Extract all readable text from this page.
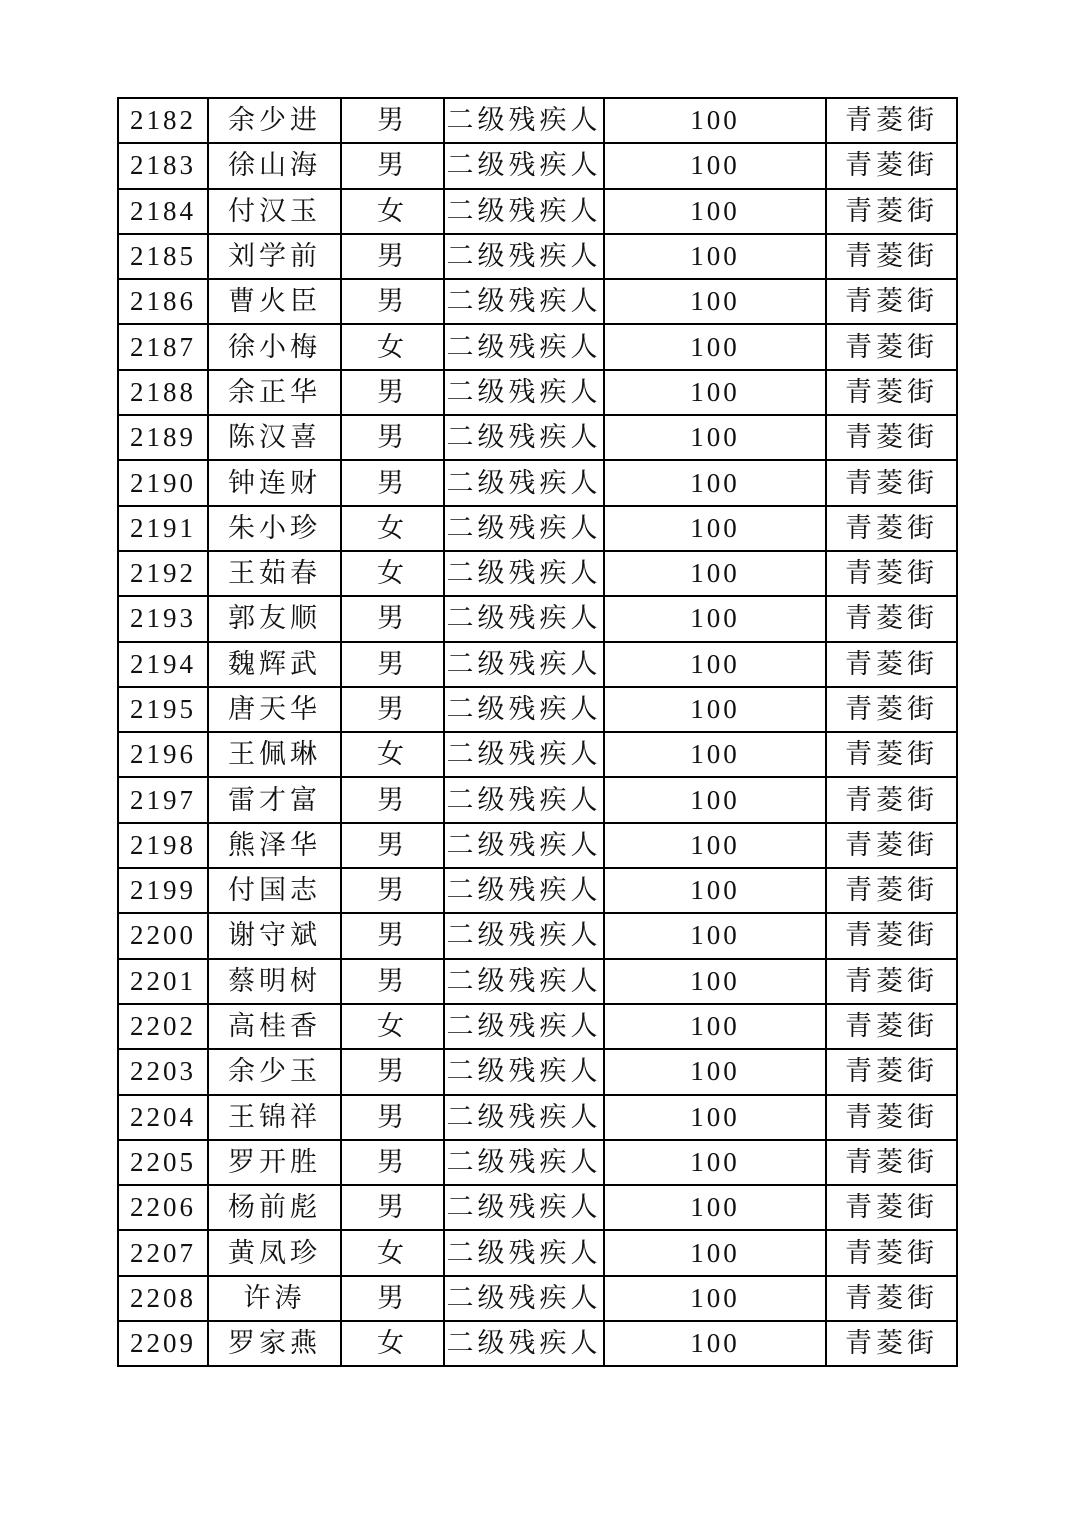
2182	余少进	男	二级残疾人	100	青菱街
2183	徐山海	男	二级残疾人	100	青菱街
2184	付汉玉	女	二级残疾人	100	青菱街
2185	刘学前	男	二级残疾人	100	青菱街
2186	曹火臣	男	二级残疾人	100	青菱街
2187	徐小梅	女	二级残疾人	100	青菱街
2188	余正华	男	二级残疾人	100	青菱街
2189	陈汉喜	男	二级残疾人	100	青菱街
2190	钟连财	男	二级残疾人	100	青菱街
2191	朱小珍	女	二级残疾人	100	青菱街
2192	王茹春	女	二级残疾人	100	青菱街
2193	郭友顺	男	二级残疾人	100	青菱街
2194	魏辉武	男	二级残疾人	100	青菱街
2195	唐天华	男	二级残疾人	100	青菱街
2196	王佩琳	女	二级残疾人	100	青菱街
2197	雷才富	男	二级残疾人	100	青菱街
2198	熊泽华	男	二级残疾人	100	青菱街
2199	付国志	男	二级残疾人	100	青菱街
2200	谢守斌	男	二级残疾人	100	青菱街
2201	蔡明树	男	二级残疾人	100	青菱街
2202	高桂香	女	二级残疾人	100	青菱街
2203	余少玉	男	二级残疾人	100	青菱街
2204	王锦祥	男	二级残疾人	100	青菱街
2205	罗开胜	男	二级残疾人	100	青菱街
2206	杨前彪	男	二级残疾人	100	青菱街
2207	黄凤珍	女	二级残疾人	100	青菱街
2208	许涛	男	二级残疾人	100	青菱街
2209	罗家燕	女	二级残疾人	100	青菱街
